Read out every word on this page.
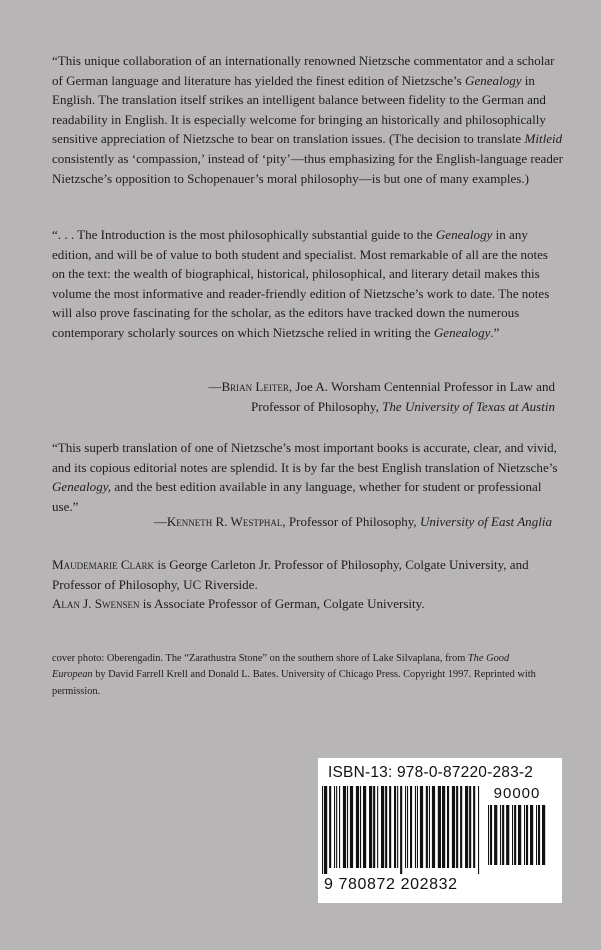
“This unique collaboration of an internationally renowned Nietzsche commentator and a scholar of German language and literature has yielded the finest edition of Nietzsche’s Genealogy in English. The translation itself strikes an intelligent balance between fidelity to the German and readability in English. It is especially welcome for bringing an historically and philosophically sensitive appreciation of Nietzsche to bear on translation issues. (The decision to translate Mitleid consistently as ‘compassion,’ instead of ‘pity’—thus emphasizing for the English-language reader Nietzsche’s opposition to Schopenauer’s moral philosophy—is but one of many examples.)

“. . . The Introduction is the most philosophically substantial guide to the Genealogy in any edition, and will be of value to both student and specialist. Most remarkable of all are the notes on the text: the wealth of biographical, historical, philosophical, and literary detail makes this volume the most informative and reader-friendly edition of Nietzsche’s work to date. The notes will also prove fascinating for the scholar, as the editors have tracked down the numerous contemporary scholarly sources on which Nietzsche relied in writing the Genealogy.”

—Brian Leiter, Joe A. Worsham Centennial Professor in Law and
Professor of Philosophy, The University of Texas at Austin

“This superb translation of one of Nietzsche’s most important books is accurate, clear, and vivid, and its copious editorial notes are splendid. It is by far the best English translation of Nietzsche’s Genealogy, and the best edition available in any language, whether for student or professional use.”

—Kenneth R. Westphal, Professor of Philosophy, University of East Anglia

Maudemarie Clark is George Carleton Jr. Professor of Philosophy, Colgate University, and Professor of Philosophy, UC Riverside.
Alan J. Swensen is Associate Professor of German, Colgate University.

cover photo: Oberengadin. The “Zarathustra Stone” on the southern shore of Lake Silvaplana, from The Good European by David Farrell Krell and Donald L. Bates. University of Chicago Press. Copyright 1997. Reprinted with permission.

ISBN-13: 978-0-87220-283-2
90000
9 780872 202832
